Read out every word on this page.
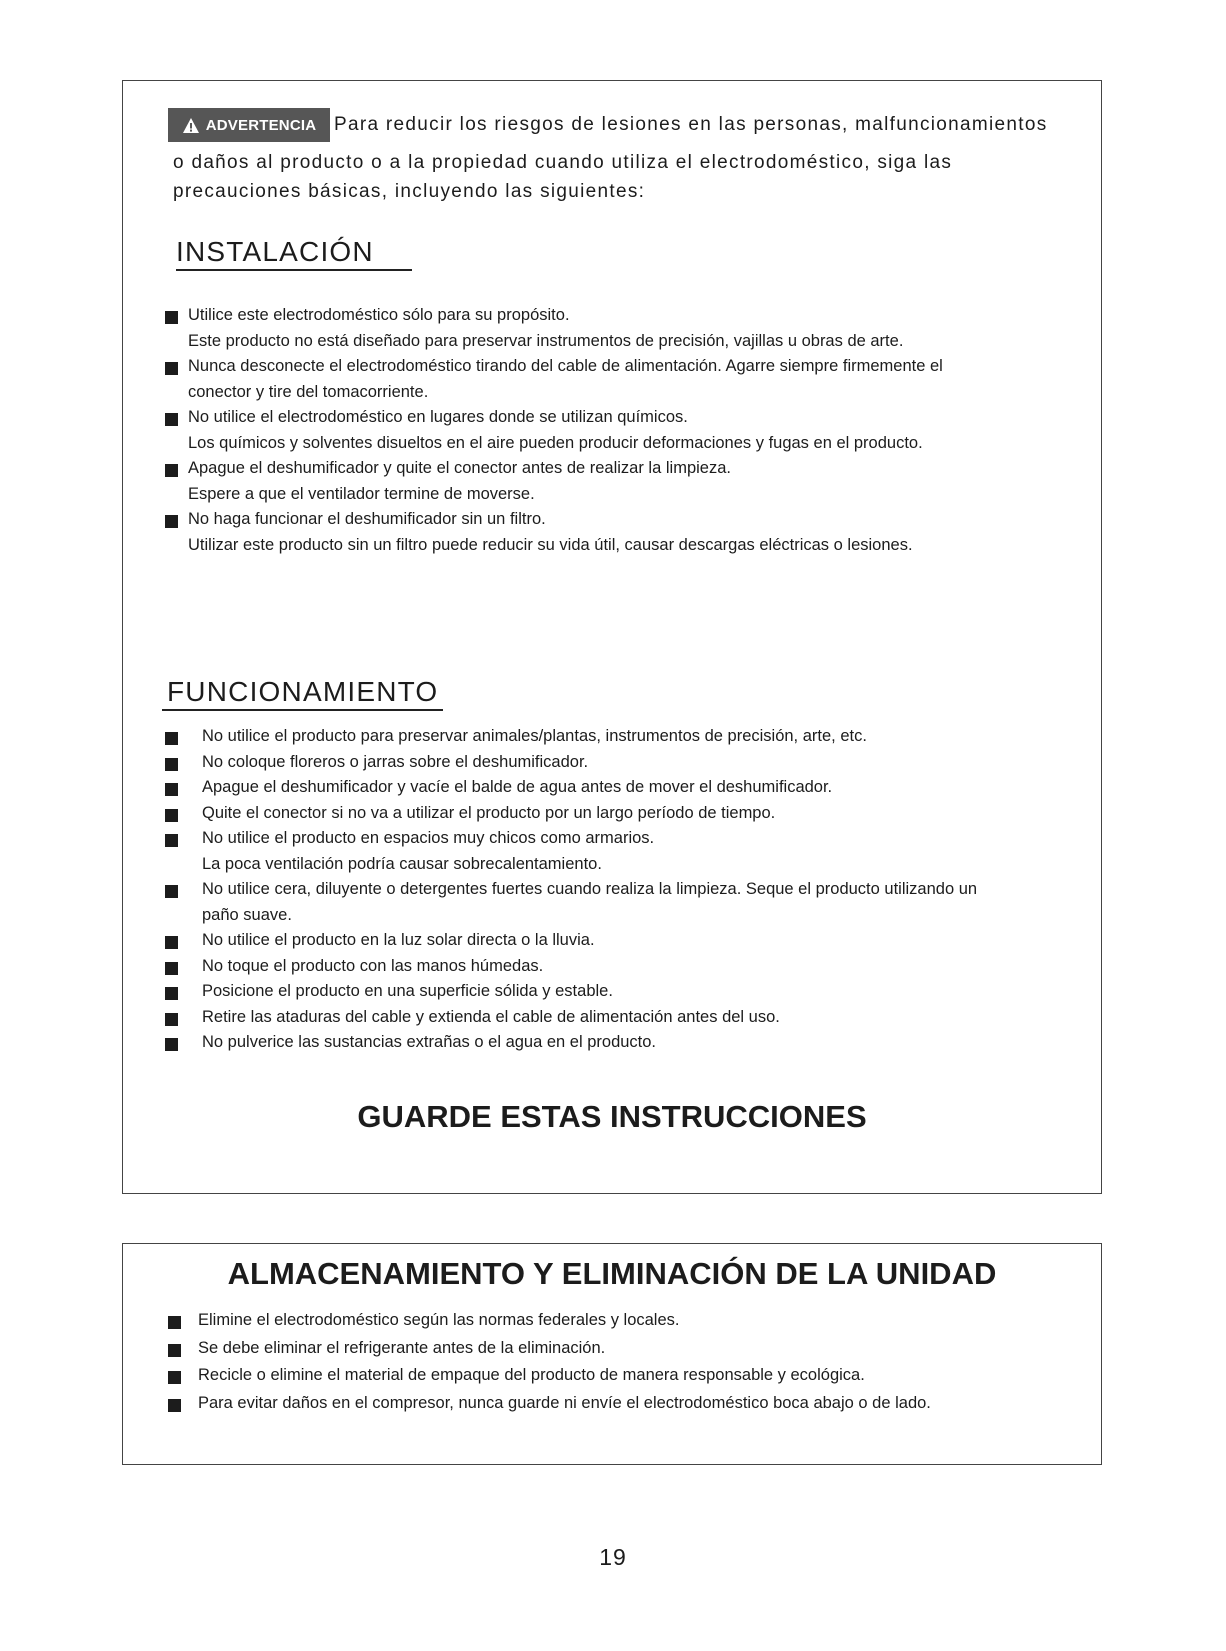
ADVERTENCIA Para reducir los riesgos de lesiones en las personas, malfuncionamientos
o daños al producto o a la propiedad cuando utiliza el electrodoméstico, siga las
precauciones básicas, incluyendo las siguientes:
INSTALACIÓN
Utilice este electrodoméstico sólo para su propósito.
Este producto no está diseñado para preservar instrumentos de precisión, vajillas u obras de arte.
Nunca desconecte el electrodoméstico tirando del cable de alimentación. Agarre siempre firmemente el
conector y tire del tomacorriente.
No utilice el electrodoméstico en lugares donde se utilizan químicos.
Los químicos y solventes disueltos en el aire pueden producir deformaciones y fugas en el producto.
Apague el deshumificador y quite el conector antes de realizar la limpieza.
Espere a que el ventilador termine de moverse.
No haga funcionar el deshumificador sin un filtro.
Utilizar este producto sin un filtro puede reducir su vida útil, causar descargas eléctricas o lesiones.
FUNCIONAMIENTO
No utilice el producto para preservar animales/plantas, instrumentos de precisión, arte, etc.
No coloque floreros o jarras sobre el deshumificador.
Apague el deshumificador y vacíe el balde de agua antes de mover el deshumificador.
Quite el conector si no va a utilizar el producto por un largo período de tiempo.
No utilice el producto en espacios muy chicos como armarios.
La poca ventilación podría causar sobrecalentamiento.
No utilice cera, diluyente o detergentes fuertes cuando realiza la limpieza. Seque el producto utilizando un
paño suave.
No utilice el producto en la luz solar directa o la lluvia.
No toque el producto con las manos húmedas.
Posicione el producto en una superficie sólida y estable.
Retire las ataduras del cable y extienda el cable de alimentación antes del uso.
No pulverice las sustancias extrañas o el agua en el producto.
GUARDE ESTAS INSTRUCCIONES
ALMACENAMIENTO Y ELIMINACIÓN DE LA UNIDAD
Elimine el electrodoméstico según las normas federales y locales.
Se debe eliminar el refrigerante antes de la eliminación.
Recicle o elimine el material de empaque del producto de manera responsable y ecológica.
Para evitar daños en el compresor, nunca guarde ni envíe el electrodoméstico boca abajo o de lado.
19
